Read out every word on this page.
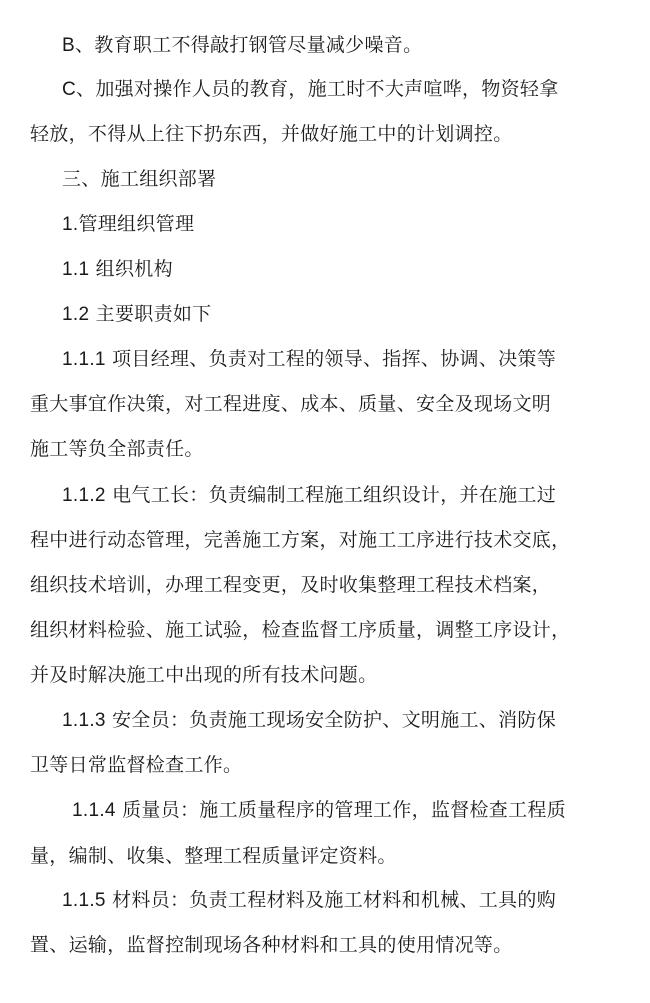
B、教育职工不得敲打钢管尽量减少噪音。
C、加强对操作人员的教育，施工时不大声喧哗，物资轻拿
轻放，不得从上往下扔东西，并做好施工中的计划调控。
三、施工组织部署
1.管理组织管理
1.1 组织机构
1.2 主要职责如下
1.1.1 项目经理、负责对工程的领导、指挥、协调、决策等
重大事宜作决策，对工程进度、成本、质量、安全及现场文明
施工等负全部责任。
1.1.2 电气工长：负责编制工程施工组织设计，并在施工过
程中进行动态管理，完善施工方案，对施工工序进行技术交底，
组织技术培训，办理工程变更，及时收集整理工程技术档案，
组织材料检验、施工试验，检查监督工序质量，调整工序设计，
并及时解决施工中出现的所有技术问题。
1.1.3 安全员：负责施工现场安全防护、文明施工、消防保
卫等日常监督检查工作。
1.1.4 质量员：施工质量程序的管理工作，监督检查工程质
量，编制、收集、整理工程质量评定资料。
1.1.5 材料员：负责工程材料及施工材料和机械、工具的购
置、运输，监督控制现场各种材料和工具的使用情况等。
